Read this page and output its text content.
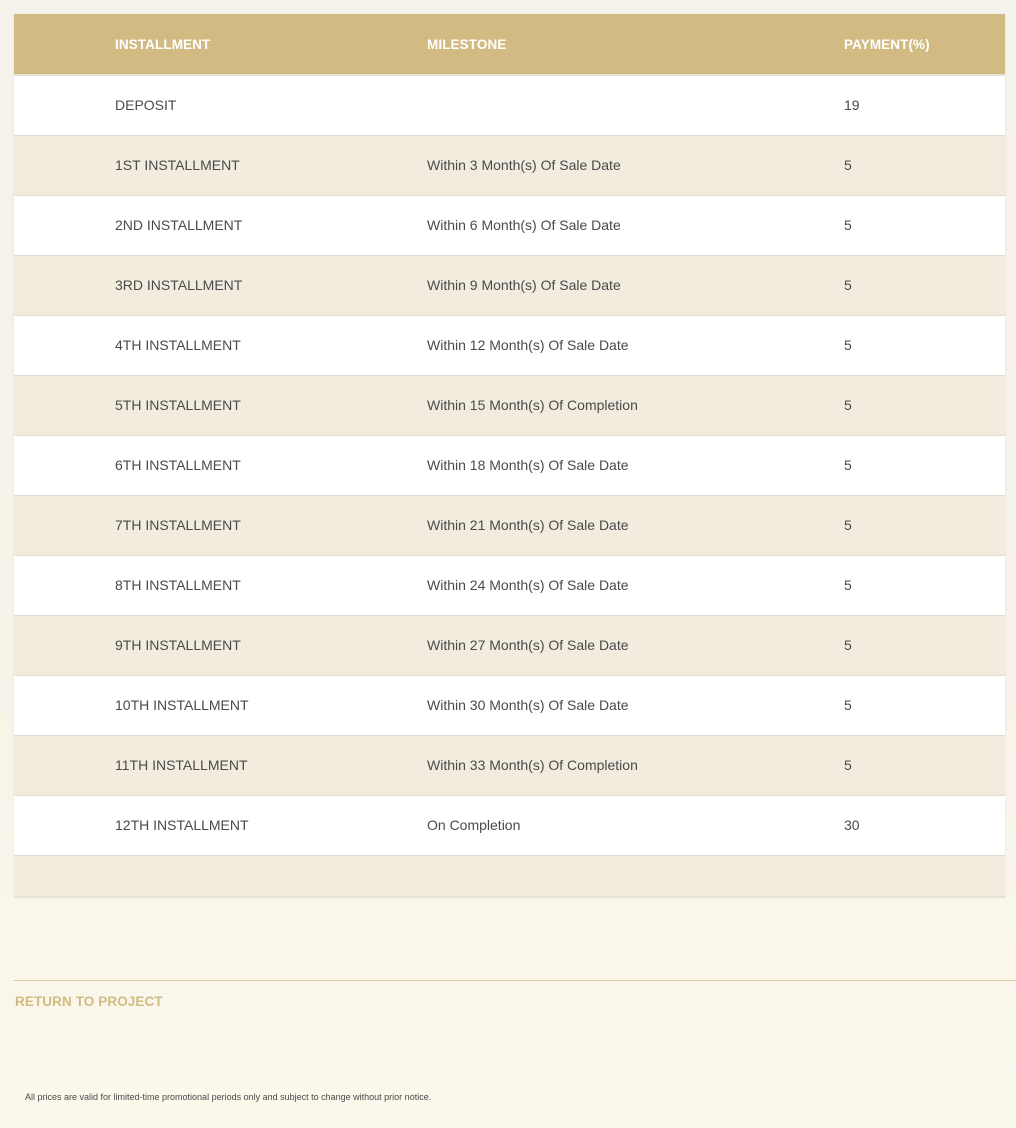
INSTALLMENT	MILESTONE	PAYMENT(%)
DEPOSIT		19
1ST INSTALLMENT	Within 3 Month(s) Of Sale Date	5
2ND INSTALLMENT	Within 6 Month(s) Of Sale Date	5
3RD INSTALLMENT	Within 9 Month(s) Of Sale Date	5
4TH INSTALLMENT	Within 12 Month(s) Of Sale Date	5
5TH INSTALLMENT	Within 15 Month(s) Of Completion	5
6TH INSTALLMENT	Within 18 Month(s) Of Sale Date	5
7TH INSTALLMENT	Within 21 Month(s) Of Sale Date	5
8TH INSTALLMENT	Within 24 Month(s) Of Sale Date	5
9TH INSTALLMENT	Within 27 Month(s) Of Sale Date	5
10TH INSTALLMENT	Within 30 Month(s) Of Sale Date	5
11TH INSTALLMENT	Within 33 Month(s) Of Completion	5
12TH INSTALLMENT	On Completion	30

RETURN TO PROJECT
All prices are valid for limited-time promotional periods only and subject to change without prior notice.
